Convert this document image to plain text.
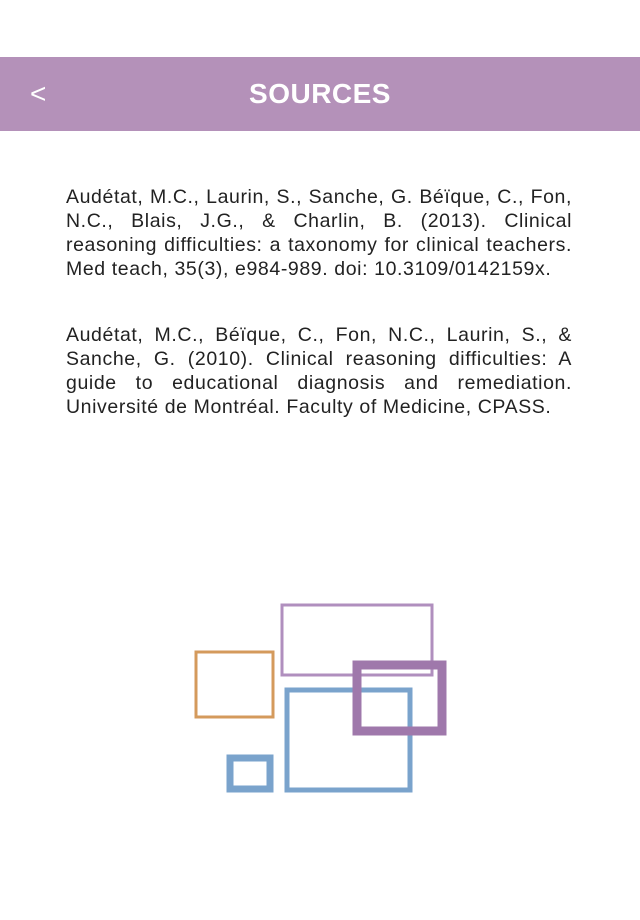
<	SOURCES

Audétat, M.C., Laurin, S., Sanche, G. Béïque, C., Fon, N.C., Blais, J.G., & Charlin, B. (2013). Clinical reasoning difficulties: a taxonomy for clinical teachers. Med teach, 35(3), e984-989. doi: 10.3109/0142159x.

Audétat, M.C., Béïque, C., Fon, N.C., Laurin, S., & Sanche, G. (2010). Clinical reasoning difficulties: A guide to educational diagnosis and remediation. Université de Montréal. Faculty of Medicine, CPASS.
